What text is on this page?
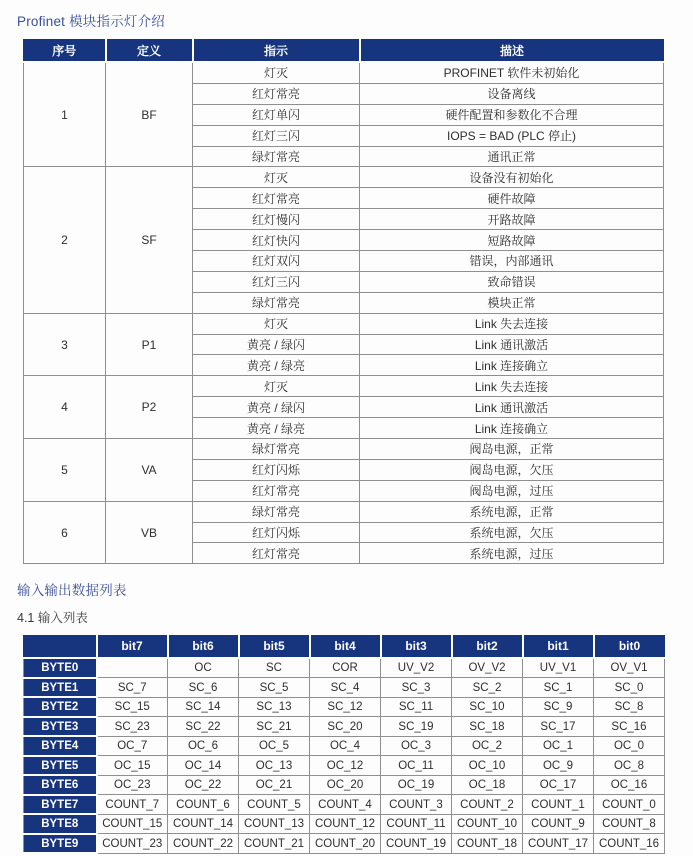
Profinet 模块指示灯介绍
序号	定义	指示	描述
1	BF	灯灭	PROFINET 软件未初始化
		红灯常亮	设备离线
		红灯单闪	硬件配置和参数化不合理
		红灯三闪	IOPS = BAD (PLC 停止)
		绿灯常亮	通讯正常
2	SF	灯灭	设备没有初始化
		红灯常亮	硬件故障
		红灯慢闪	开路故障
		红灯快闪	短路故障
		红灯双闪	错误，内部通讯
		红灯三闪	致命错误
		绿灯常亮	模块正常
3	P1	灯灭	Link 失去连接
		黄亮 / 绿闪	Link 通讯激活
		黄亮 / 绿亮	Link 连接确立
4	P2	灯灭	Link 失去连接
		黄亮 / 绿闪	Link 通讯激活
		黄亮 / 绿亮	Link 连接确立
5	VA	绿灯常亮	阀岛电源，正常
		红灯闪烁	阀岛电源，欠压
		红灯常亮	阀岛电源，过压
6	VB	绿灯常亮	系统电源，正常
		红灯闪烁	系统电源，欠压
		红灯常亮	系统电源，过压
输入输出数据列表
4.1 输入列表
	bit7	bit6	bit5	bit4	bit3	bit2	bit1	bit0
BYTE0		OC	SC	COR	UV_V2	OV_V2	UV_V1	OV_V1
BYTE1	SC_7	SC_6	SC_5	SC_4	SC_3	SC_2	SC_1	SC_0
BYTE2	SC_15	SC_14	SC_13	SC_12	SC_11	SC_10	SC_9	SC_8
BYTE3	SC_23	SC_22	SC_21	SC_20	SC_19	SC_18	SC_17	SC_16
BYTE4	OC_7	OC_6	OC_5	OC_4	OC_3	OC_2	OC_1	OC_0
BYTE5	OC_15	OC_14	OC_13	OC_12	OC_11	OC_10	OC_9	OC_8
BYTE6	OC_23	OC_22	OC_21	OC_20	OC_19	OC_18	OC_17	OC_16
BYTE7	COUNT_7	COUNT_6	COUNT_5	COUNT_4	COUNT_3	COUNT_2	COUNT_1	COUNT_0
BYTE8	COUNT_15	COUNT_14	COUNT_13	COUNT_12	COUNT_11	COUNT_10	COUNT_9	COUNT_8
BYTE9	COUNT_23	COUNT_22	COUNT_21	COUNT_20	COUNT_19	COUNT_18	COUNT_17	COUNT_16
